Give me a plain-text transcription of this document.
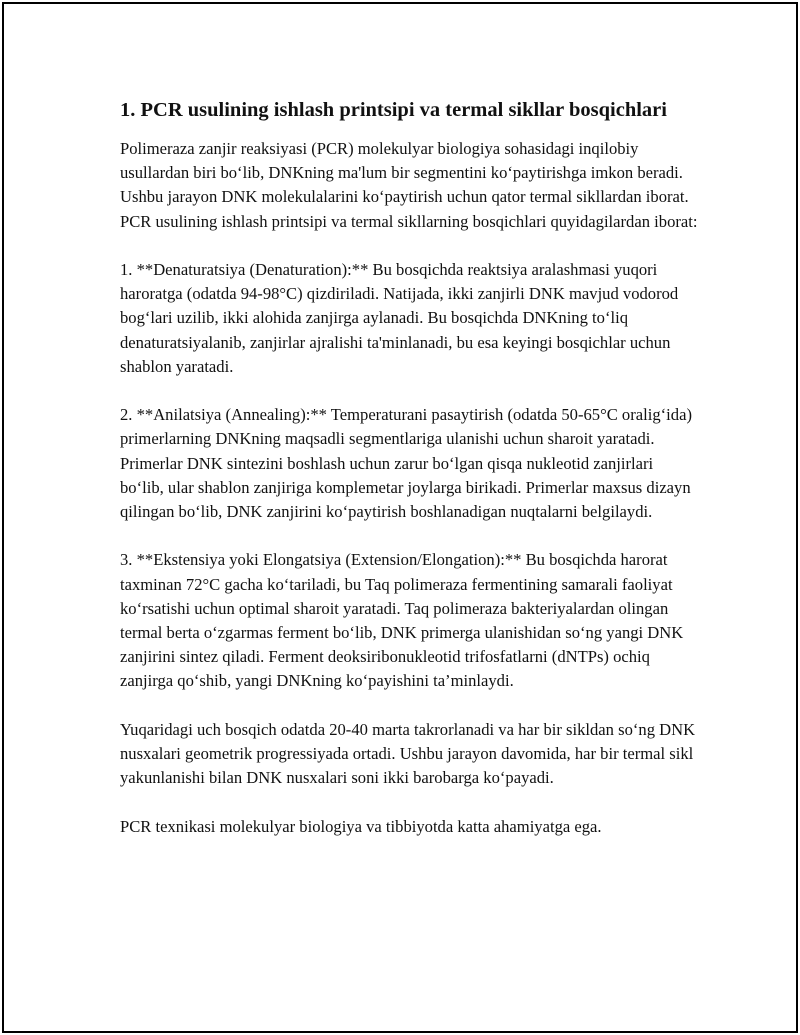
1. PCR usulining ishlash printsipi va termal sikllar bosqichlari

Polimeraza zanjir reaksiyasi (PCR) molekulyar biologiya sohasidagi inqilobiy usullardan biri bo‘lib, DNKning ma'lum bir segmentini ko‘paytirishga imkon beradi. Ushbu jarayon DNK molekulalarini ko‘paytirish uchun qator termal sikllardan iborat. PCR usulining ishlash printsipi va termal sikllarning bosqichlari quyidagilardan iborat:

1. **Denaturatsiya (Denaturation):** Bu bosqichda reaktsiya aralashmasi yuqori haroratga (odatda 94-98°C) qizdiriladi. Natijada, ikki zanjirli DNK mavjud vodorod bog‘lari uzilib, ikki alohida zanjirga aylanadi. Bu bosqichda DNKning to‘liq denaturatsiyalanib, zanjirlar ajralishi ta'minlanadi, bu esa keyingi bosqichlar uchun shablon yaratadi.

2. **Anilatsiya (Annealing):** Temperaturani pasaytirish (odatda 50-65°C oralig‘ida) primerlarning DNKning maqsadli segmentlariga ulanishi uchun sharoit yaratadi. Primerlar DNK sintezini boshlash uchun zarur bo‘lgan qisqa nukleotid zanjirlari bo‘lib, ular shablon zanjiriga komplemetar joylarga birikadi. Primerlar maxsus dizayn qilingan bo‘lib, DNK zanjirini ko‘paytirish boshlanadigan nuqtalarni belgilaydi.

3. **Ekstensiya yoki Elongatsiya (Extension/Elongation):** Bu bosqichda harorat taxminan 72°C gacha ko‘tariladi, bu Taq polimeraza fermentining samarali faoliyat ko‘rsatishi uchun optimal sharoit yaratadi. Taq polimeraza bakteriyalardan olingan termal berta o‘zgarmas ferment bo‘lib, DNK primerga ulanishidan so‘ng yangi DNK zanjirini sintez qiladi. Ferment deoksiribonukleotid trifosfatlarni (dNTPs) ochiq zanjirga qo‘shib, yangi DNKning ko‘payishini ta’minlaydi.

Yuqaridagi uch bosqich odatda 20-40 marta takrorlanadi va har bir sikldan so‘ng DNK nusxalari geometrik progressiyada ortadi. Ushbu jarayon davomida, har bir termal sikl yakunlanishi bilan DNK nusxalari soni ikki barobarga ko‘payadi.

PCR texnikasi molekulyar biologiya va tibbiyotda katta ahamiyatga ega.
